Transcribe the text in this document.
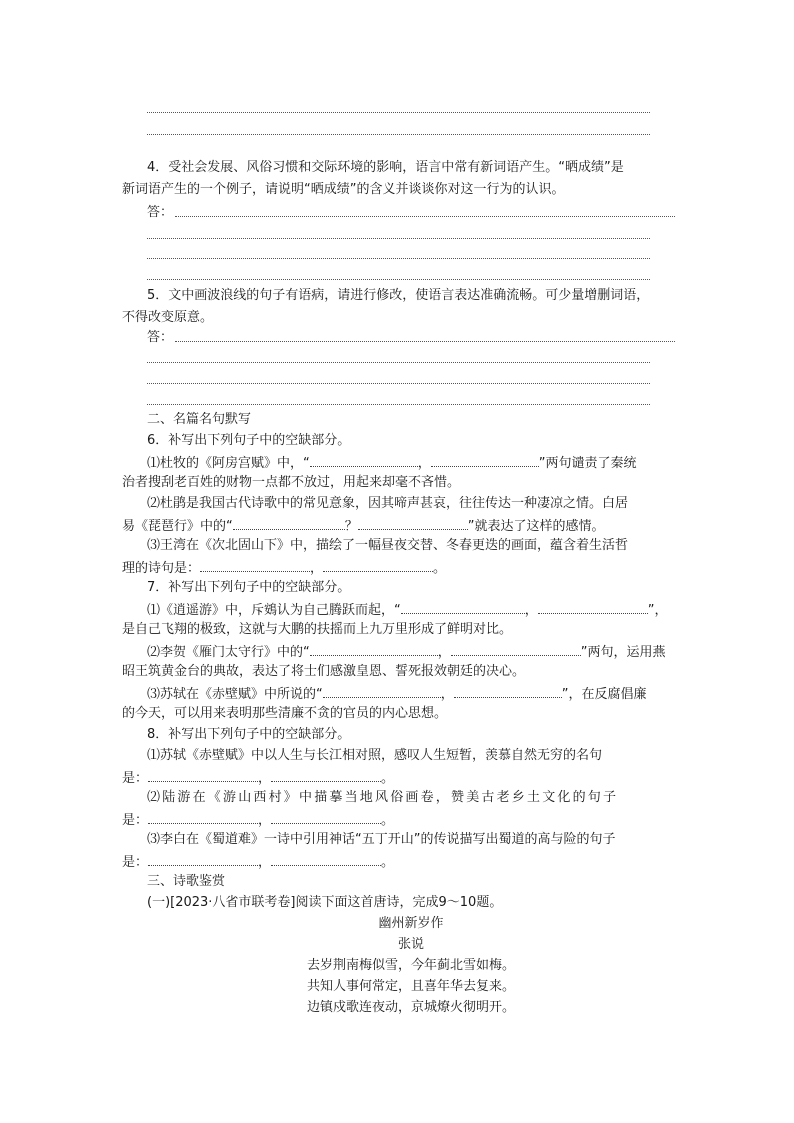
4．受社会发展、风俗习惯和交际环境的影响，语言中常有新词语产生。“晒成绩”是
新词语产生的一个例子，请说明“晒成绩”的含义并谈谈你对这一行为的认识。
答：
5．文中画波浪线的句子有语病，请进行修改，使语言表达准确流畅。可少量增删词语，
不得改变原意。
答：
二、名篇名句默写
6．补写出下列句子中的空缺部分。
⑴杜牧的《阿房宫赋》中，“	，	”两句谴责了秦统
治者搜刮老百姓的财物一点都不放过，用起来却毫不吝惜。
⑵杜鹃是我国古代诗歌中的常见意象，因其啼声甚哀，往往传达一种凄凉之情。白居
易《琵琶行》中的“	？	”就表达了这样的感情。
⑶王湾在《次北固山下》中，描绘了一幅昼夜交替、冬春更迭的画面，蕴含着生活哲
理的诗句是：	，	。
7．补写出下列句子中的空缺部分。
⑴《逍遥游》中，斥鴳认为自己腾跃而起，“	，	”，
是自己飞翔的极致，这就与大鹏的扶摇而上九万里形成了鲜明对比。
⑵李贺《雁门太守行》中的“	，	”两句，运用燕
昭王筑黄金台的典故，表达了将士们感激皇恩、誓死报效朝廷的决心。
⑶苏轼在《赤壁赋》中所说的“	，	”，在反腐倡廉
的今天，可以用来表明那些清廉不贪的官员的内心思想。
8．补写出下列句子中的空缺部分。
⑴苏轼《赤壁赋》中以人生与长江相对照，感叹人生短暂，羡慕自然无穷的名句
是：	，	。
⑵陆游在《游山西村》中描摹当地风俗画卷，赞美古老乡土文化的句子
是：	，	。
⑶李白在《蜀道难》一诗中引用神话“五丁开山”的传说描写出蜀道的高与险的句子
是：	，	。
三、诗歌鉴赏
(一)[2023·八省市联考卷]阅读下面这首唐诗，完成9～10题。
幽州新岁作
张说
去岁荆南梅似雪，今年蓟北雪如梅。
共知人事何常定，且喜年华去复来。
边镇戍歌连夜动，京城燎火彻明开。
